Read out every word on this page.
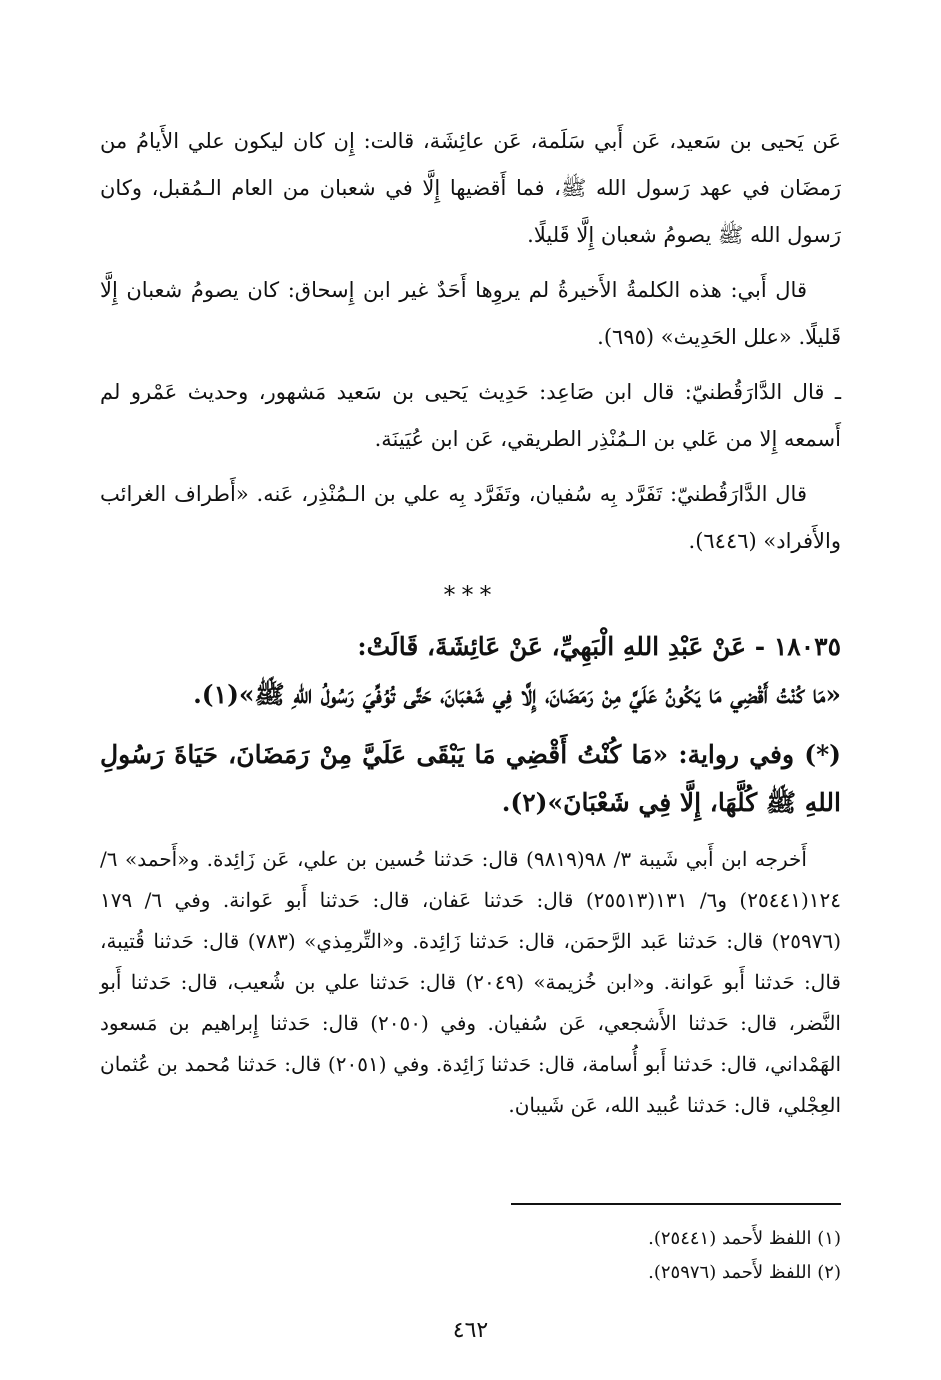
عَن يَحيى بن سَعيد، عَن أَبي سَلَمة، عَن عائِشَة، قالت: إِن كان ليكون علي الأَيامُ من رَمضَان في عهد رَسول الله ﷺ، فما أَقضيها إِلَّا في شعبان من العام الـمُقبل، وكان رَسول الله ﷺ يصومُ شعبان إِلَّا قَليلًا.

قال أَبي: هذه الكلمةُ الأَخيرةُ لم يروِها أَحَدٌ غير ابن إِسحاق: كان يصومُ شعبان إِلَّا قَليلًا. «علل الحَدِيث» (٦٩٥).

ـ قال الدَّارَقُطنيّ: قال ابن صَاعِد: حَدِيث يَحيى بن سَعيد مَشهور، وحديث عَمْرو لم أَسمعه إِلا من عَلي بن الـمُنْذِر الطريقي، عَن ابن عُيَينَة.

قال الدَّارَقُطنيّ: تَفَرَّد بِه سُفيان، وتَفَرَّد بِه علي بن الـمُنْذِر، عَنه. «أَطراف الغرائب والأَفراد» (٦٤٤٦).

***

١٨٠٣٥ - عَنْ عَبْدِ اللهِ الْبَهِيِّ، عَنْ عَائِشَةَ، قَالَتْ:

«مَا كُنْتُ أَقْضِي مَا يَكُونُ عَلَيَّ مِنْ رَمَضَانَ، إِلَّا فِي شَعْبَانَ، حَتَّى تُوُفِّيَ رَسُولُ اللهِ ﷺ»(١).

(*) وفي رواية: «مَا كُنْتُ أَقْضِي مَا يَبْقَى عَلَيَّ مِنْ رَمَضَانَ، حَيَاةَ رَسُولِ اللهِ ﷺ كُلَّهَا، إِلَّا فِي شَعْبَانَ»(٢).

أَخرجه ابن أَبي شَيبة ٣/ ٩٨(٩٨١٩) قال: حَدثنا حُسين بن علي، عَن زَائِدة. و«أَحمد» ٦/ ١٢٤(٢٥٤٤١) و٦/ ١٣١(٢٥٥١٣) قال: حَدثنا عَفان، قال: حَدثنا أَبو عَوانة. وفي ٦/ ١٧٩ (٢٥٩٧٦) قال: حَدثنا عَبد الرَّحمَن، قال: حَدثنا زَائِدة. و«التِّرمِذي» (٧٨٣) قال: حَدثنا قُتيبة، قال: حَدثنا أَبو عَوانة. و«ابن خُزيمة» (٢٠٤٩) قال: حَدثنا علي بن شُعيب، قال: حَدثنا أَبو النَّضر، قال: حَدثنا الأَشجعي، عَن سُفيان. وفي (٢٠٥٠) قال: حَدثنا إِبراهيم بن مَسعود الهَمْداني، قال: حَدثنا أَبو أُسامة، قال: حَدثنا زَائِدة. وفي (٢٠٥١) قال: حَدثنا مُحمد بن عُثمان العِجْلي، قال: حَدثنا عُبيد الله، عَن شَيبان.

(١) اللفظ لأَحمد (٢٥٤٤١).
(٢) اللفظ لأَحمد (٢٥٩٧٦).
٤٦٢
